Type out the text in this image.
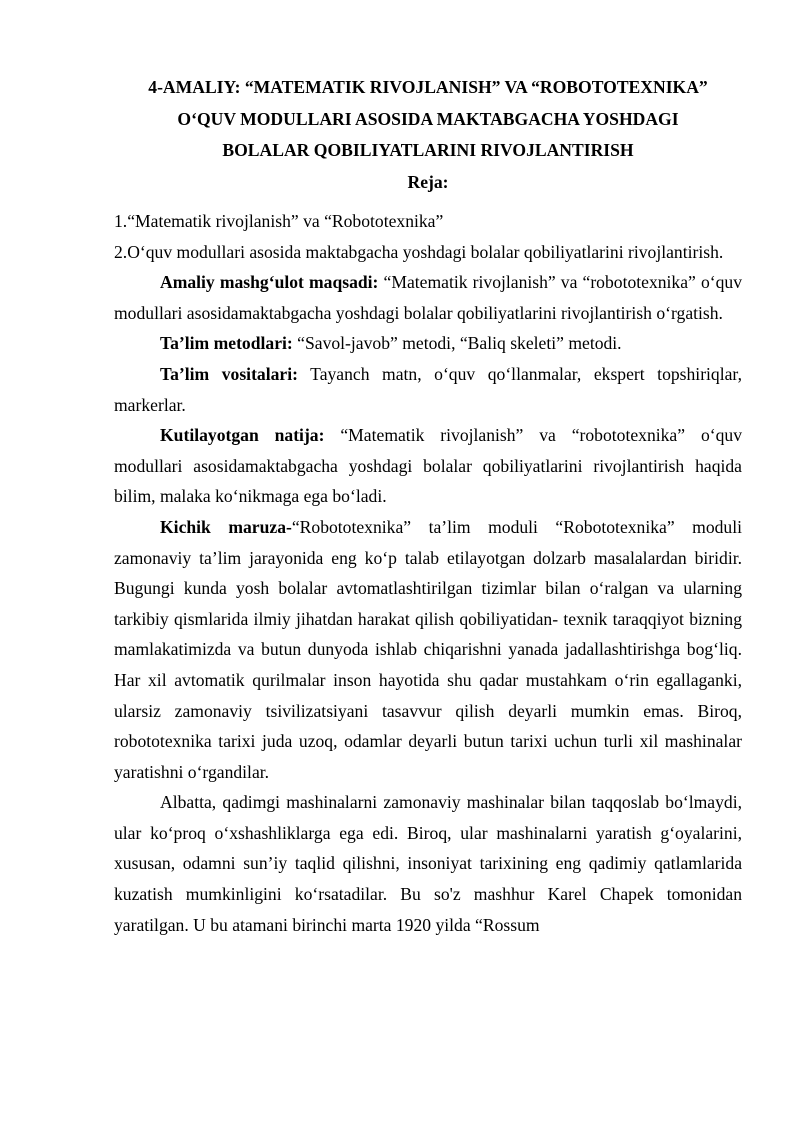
4-AMALIY: “MATEMATIK RIVOJLANISH” VA “ROBOTOTEXNIKA”

O‘QUV MODULLARI ASOSIDA MAKTABGACHA YOSHDAGI

BOLALAR QOBILIYATLARINI RIVOJLANTIRISH

Reja:

1.“Matematik rivojlanish” va “Robototexnika”

2.O‘quv modullari asosida maktabgacha yoshdagi bolalar qobiliyatlarini rivojlantirish.

Amaliy mashg‘ulot maqsadi: “Matematik rivojlanish” va “robototexnika” o‘quv modullari asosidamaktabgacha yoshdagi bolalar qobiliyatlarini rivojlantirish o‘rgatish.

Ta’lim metodlari: “Savol-javob” metodi, “Baliq skeleti” metodi.

Ta’lim vositalari: Tayanch matn, o‘quv qo‘llanmalar, ekspert topshiriqlar, markerlar.

Kutilayotgan natija: “Matematik rivojlanish” va “robototexnika” o‘quv modullari asosidamaktabgacha yoshdagi bolalar qobiliyatlarini rivojlantirish haqida bilim, malaka ko‘nikmaga ega bo‘ladi.

Kichik maruza-“Robototexnika” ta’lim moduli “Robototexnika” moduli zamonaviy ta’lim jarayonida eng ko‘p talab etilayotgan dolzarb masalalardan biridir. Bugungi kunda yosh bolalar avtomatlashtirilgan tizimlar bilan o‘ralgan va ularning tarkibiy qismlarida ilmiy jihatdan harakat qilish qobiliyatidan- texnik taraqqiyot bizning mamlakatimizda va butun dunyoda ishlab chiqarishni yanada jadallashtirishga bog‘liq. Har xil avtomatik qurilmalar inson hayotida shu qadar mustahkam o‘rin egallaganki, ularsiz zamonaviy tsivilizatsiyani tasavvur qilish deyarli mumkin emas. Biroq, robototexnika tarixi juda uzoq, odamlar deyarli butun tarixi uchun turli xil mashinalar yaratishni o‘rgandilar.

Albatta, qadimgi mashinalarni zamonaviy mashinalar bilan taqqoslab bo‘lmaydi, ular ko‘proq o‘xshashliklarga ega edi. Biroq, ular mashinalarni yaratish g‘oyalarini, xususan, odamni sun’iy taqlid qilishni, insoniyat tarixining eng qadimiy qatlamlarida kuzatish mumkinligini ko‘rsatadilar. Bu so'z mashhur Karel Chapek tomonidan yaratilgan. U bu atamani birinchi marta 1920 yilda “Rossum
